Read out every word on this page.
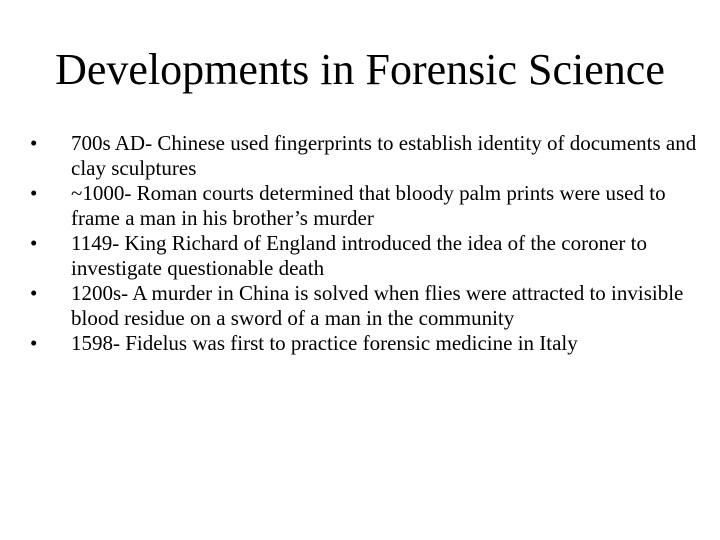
Developments in Forensic Science
•	700s AD- Chinese used fingerprints to establish identity of documents and clay sculptures
•	~1000- Roman courts determined that bloody palm prints were used to frame a man in his brother’s murder
•	1149- King Richard of England introduced the idea of the coroner to investigate questionable death
•	1200s- A murder in China is solved when flies were attracted to invisible blood residue on a sword of a man in the community
•	1598- Fidelus was first to practice forensic medicine in Italy
